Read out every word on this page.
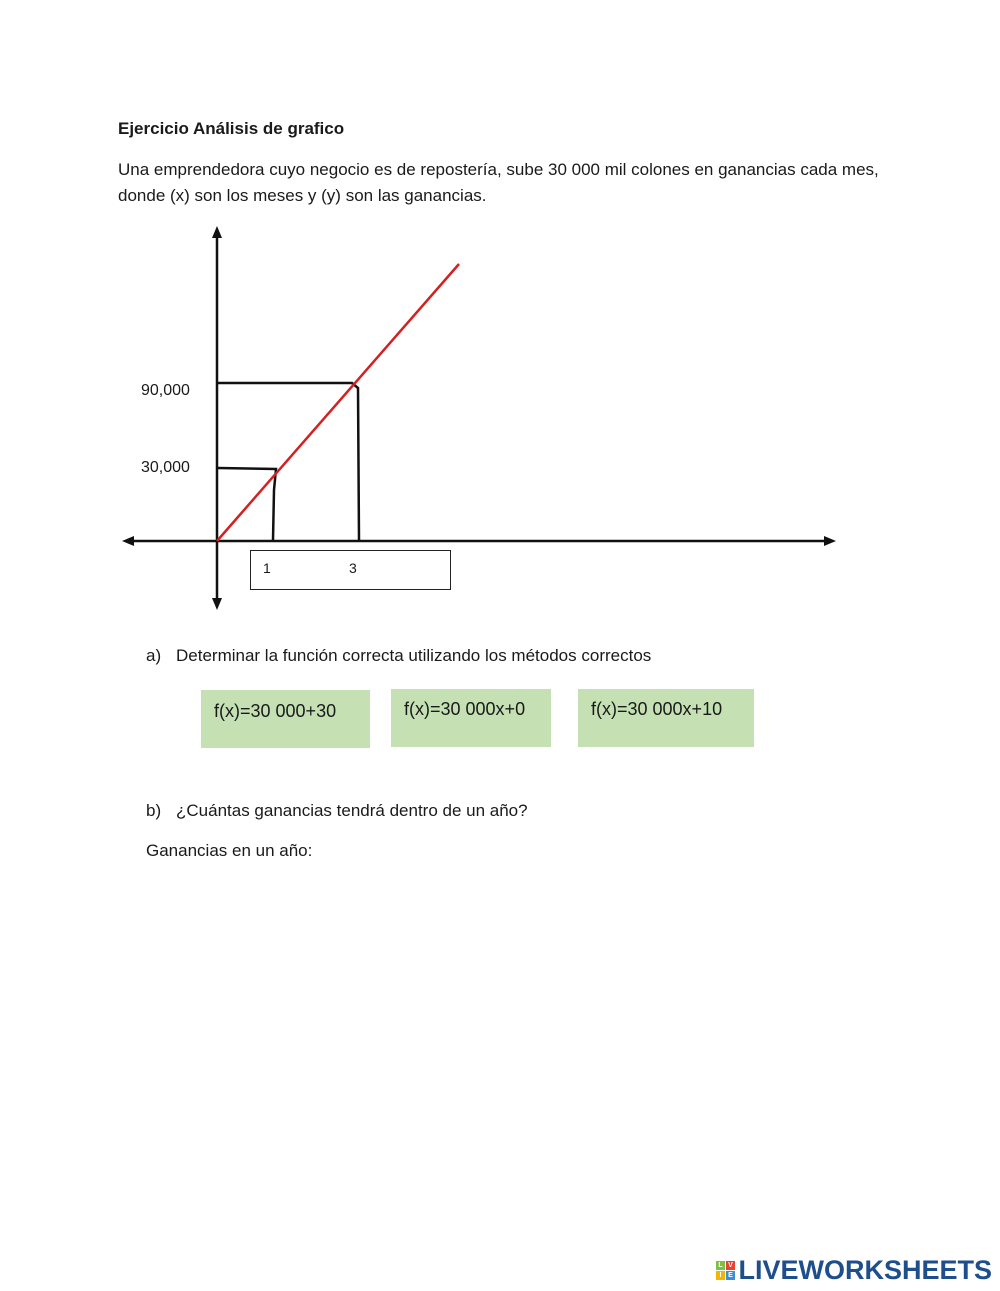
Ejercicio Análisis de grafico
Una emprendedora cuyo negocio es de repostería, sube 30 000 mil colones en ganancias cada mes, donde (x) son los meses y (y) son las ganancias.
90,000
30,000
1	3
a) Determinar la función correcta utilizando los métodos correctos
f(x)=30 000+30	f(x)=30 000x+0	f(x)=30 000x+10
b) ¿Cuántas ganancias tendrá dentro de un año?
Ganancias en un año:
L
I
V
E LIVEWORKSHEETS
